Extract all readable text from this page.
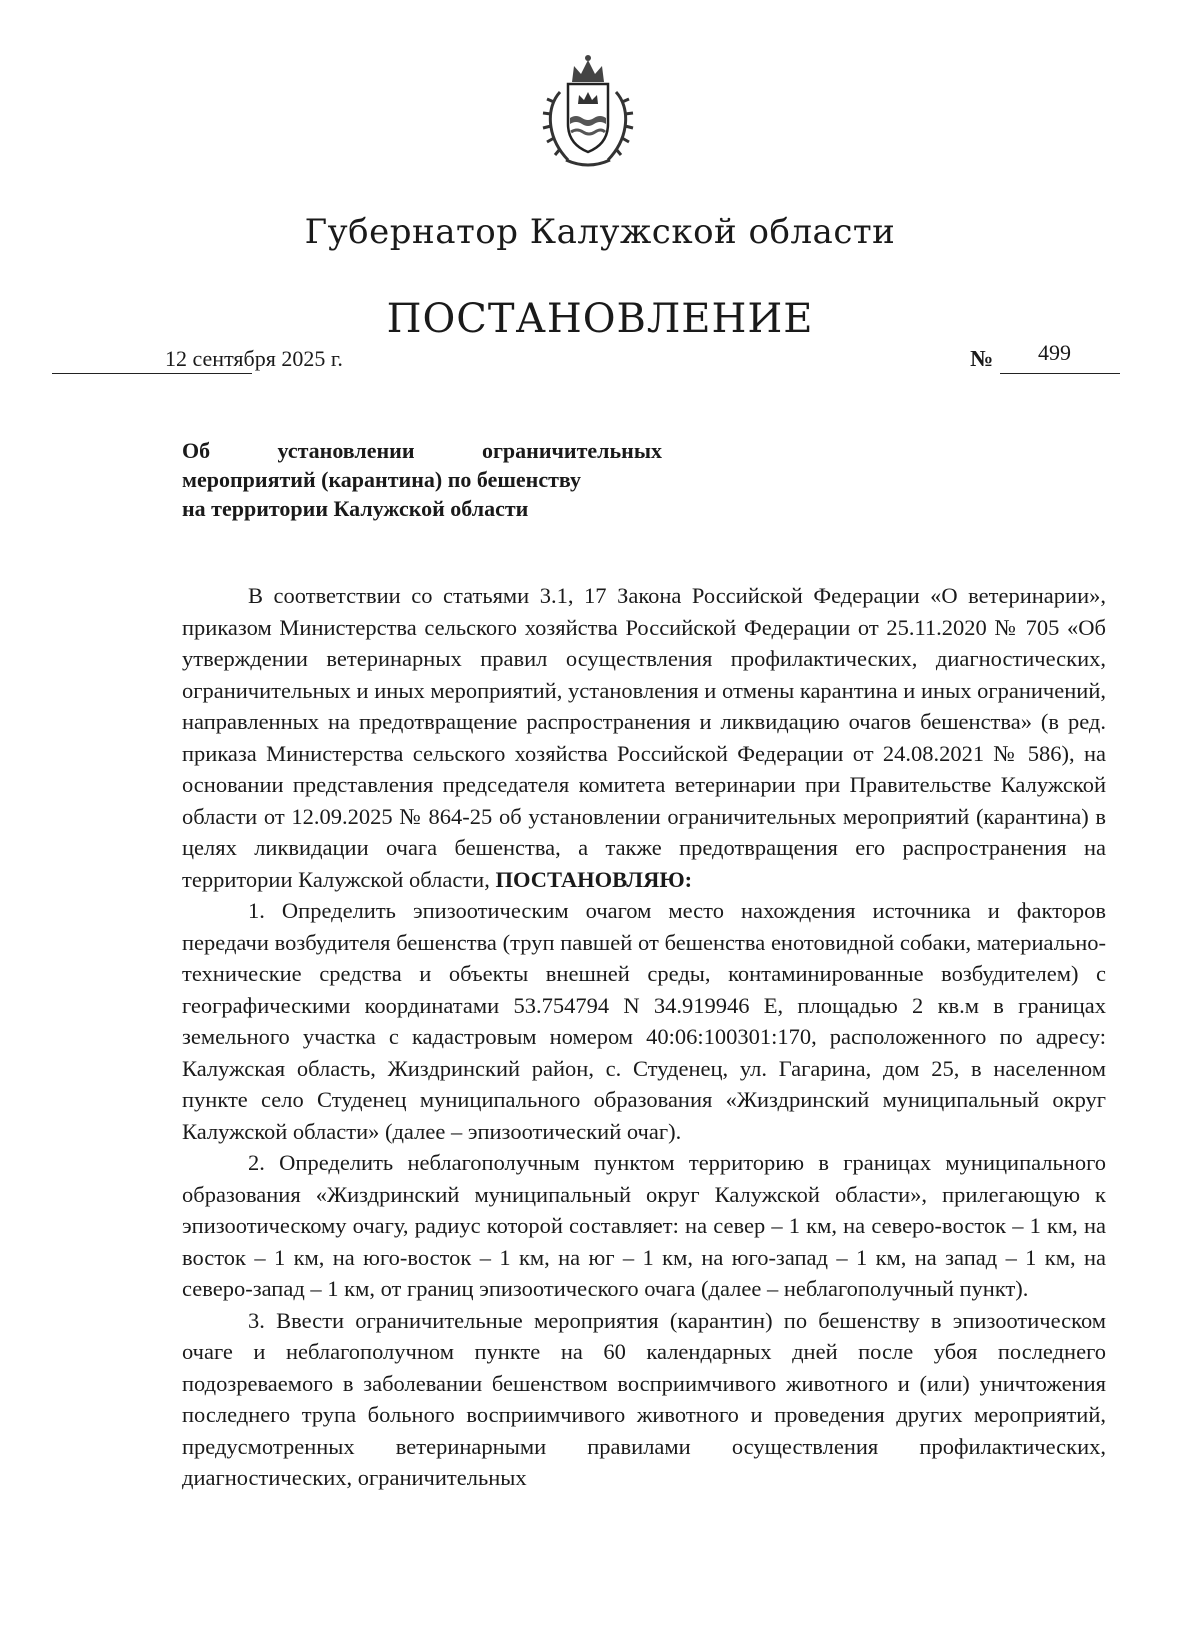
Губернатор Калужской области
ПОСТАНОВЛЕНИЕ
12 сентября 2025 г.	№ 499
Об	установлении	ограничительных
мероприятий (карантина) по бешенству
на территории Калужской области

В соответствии со статьями 3.1, 17 Закона Российской Федерации «О ветеринарии», приказом Министерства сельского хозяйства Российской Федерации от 25.11.2020 № 705 «Об утверждении ветеринарных правил осуществления профилактических, диагностических, ограничительных и иных мероприятий, установления и отмены карантина и иных ограничений, направленных на предотвращение распространения и ликвидацию очагов бешенства» (в ред. приказа Министерства сельского хозяйства Российской Федерации от 24.08.2021 № 586), на основании представления председателя комитета ветеринарии при Правительстве Калужской области от 12.09.2025 № 864-25 об установлении ограничительных мероприятий (карантина) в целях ликвидации очага бешенства, а также предотвращения его распространения на территории Калужской области, ПОСТАНОВЛЯЮ:

1. Определить эпизоотическим очагом место нахождения источника и факторов передачи возбудителя бешенства (труп павшей от бешенства енотовидной собаки, материально-технические средства и объекты внешней среды, контаминированные возбудителем) с географическими координатами 53.754794 N 34.919946 E, площадью 2 кв.м в границах земельного участка с кадастровым номером 40:06:100301:170, расположенного по адресу: Калужская область, Жиздринский район, с. Студенец, ул. Гагарина, дом 25, в населенном пункте село Студенец муниципального образования «Жиздринский муниципальный округ Калужской области» (далее – эпизоотический очаг).

2. Определить неблагополучным пунктом территорию в границах муниципального образования «Жиздринский муниципальный округ Калужской области», прилегающую к эпизоотическому очагу, радиус которой составляет: на север – 1 км, на северо-восток – 1 км, на восток – 1 км, на юго-восток – 1 км, на юг – 1 км, на юго-запад – 1 км, на запад – 1 км, на северо-запад – 1 км, от границ эпизоотического очага (далее – неблагополучный пункт).

3. Ввести ограничительные мероприятия (карантин) по бешенству в эпизоотическом очаге и неблагополучном пункте на 60 календарных дней после убоя последнего подозреваемого в заболевании бешенством восприимчивого животного и (или) уничтожения последнего трупа больного восприимчивого животного и проведения других мероприятий, предусмотренных ветеринарными правилами осуществления профилактических, диагностических, ограничительных
